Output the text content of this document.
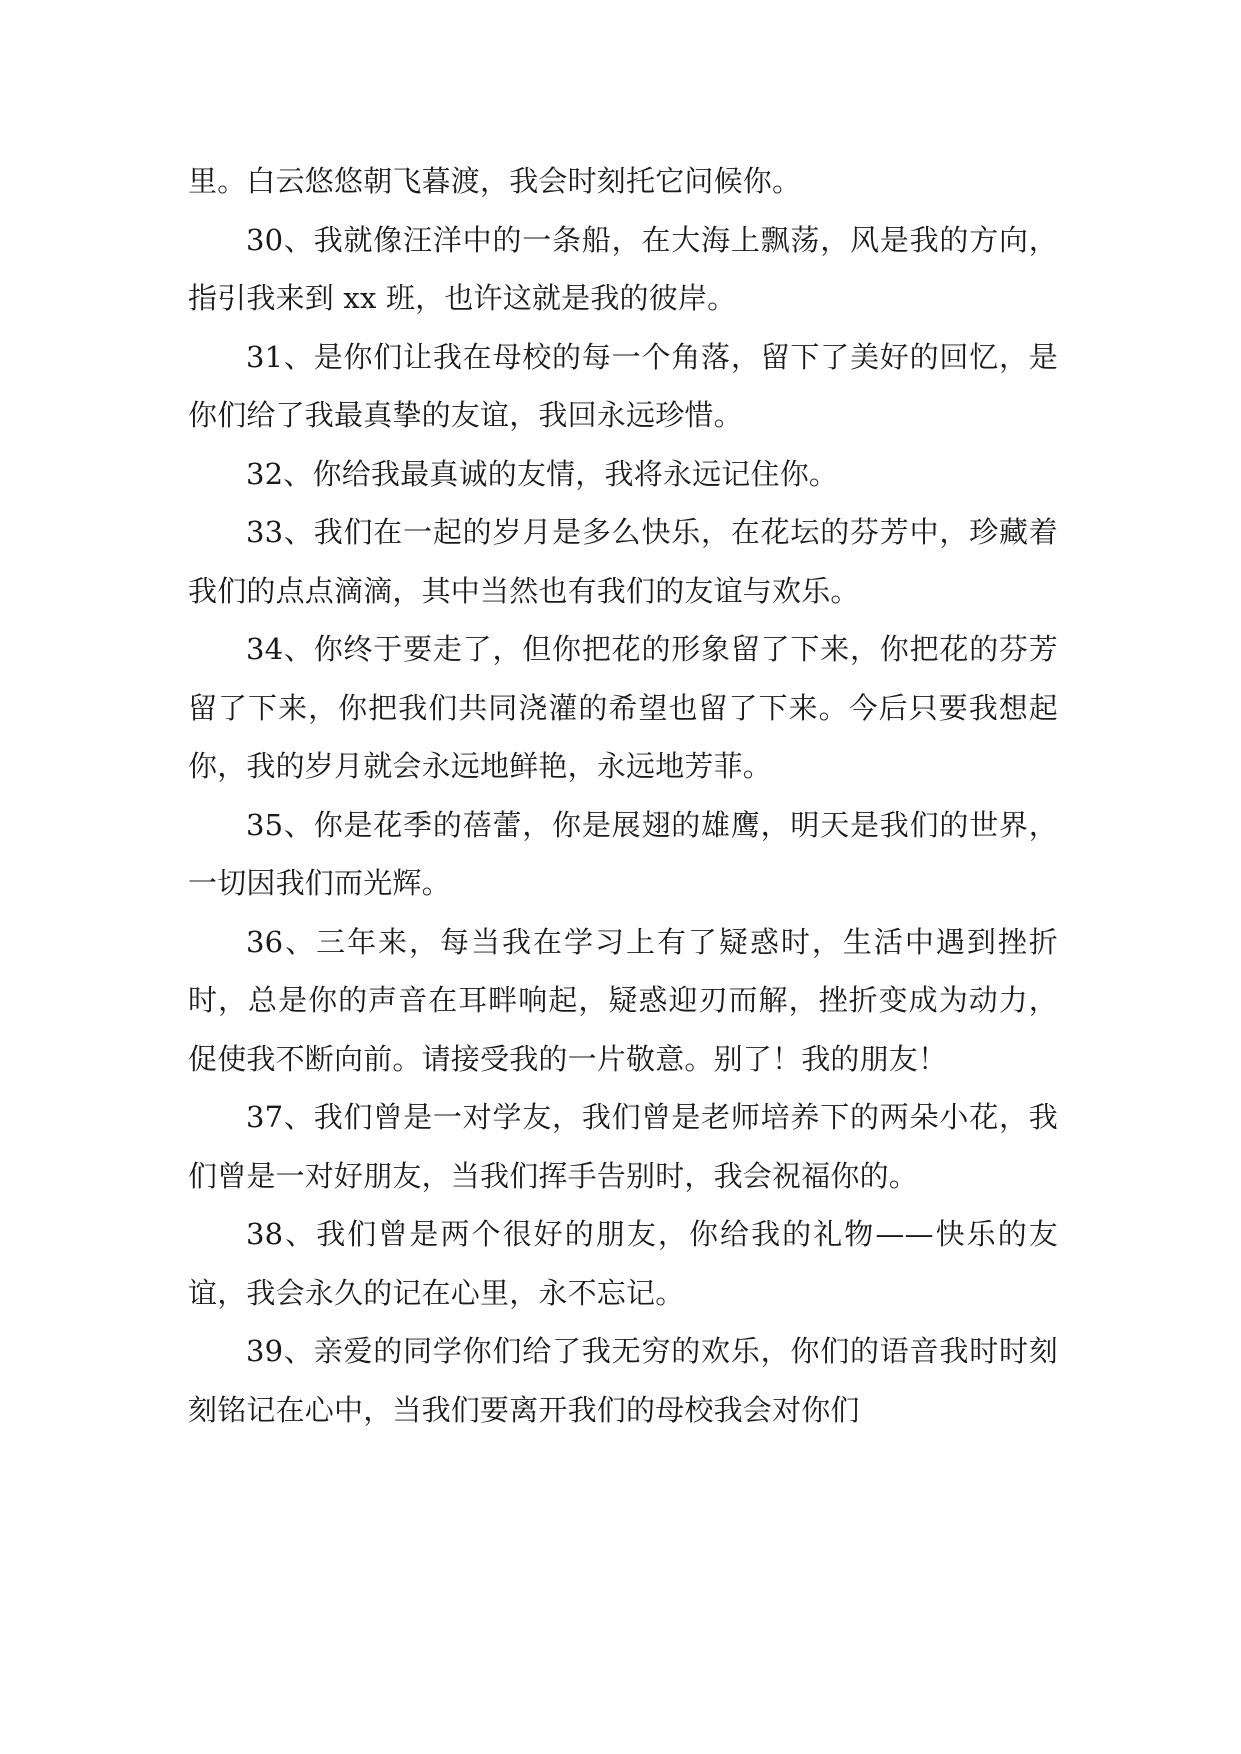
里。白云悠悠朝飞暮渡，我会时刻托它问候你。

30、我就像汪洋中的一条船，在大海上飘荡，风是我的方向，指引我来到 xx 班，也许这就是我的彼岸。

31、是你们让我在母校的每一个角落，留下了美好的回忆，是你们给了我最真挚的友谊，我回永远珍惜。

32、你给我最真诚的友情，我将永远记住你。

33、我们在一起的岁月是多么快乐，在花坛的芬芳中，珍藏着我们的点点滴滴，其中当然也有我们的友谊与欢乐。

34、你终于要走了，但你把花的形象留了下来，你把花的芬芳留了下来，你把我们共同浇灌的希望也留了下来。今后只要我想起你，我的岁月就会永远地鲜艳，永远地芳菲。

35、你是花季的蓓蕾，你是展翅的雄鹰，明天是我们的世界，一切因我们而光辉。

36、三年来，每当我在学习上有了疑惑时，生活中遇到挫折时，总是你的声音在耳畔响起，疑惑迎刃而解，挫折变成为动力，促使我不断向前。请接受我的一片敬意。别了！我的朋友！

37、我们曾是一对学友，我们曾是老师培养下的两朵小花，我们曾是一对好朋友，当我们挥手告别时，我会祝福你的。

38、我们曾是两个很好的朋友，你给我的礼物——快乐的友谊，我会永久的记在心里，永不忘记。

39、亲爱的同学你们给了我无穷的欢乐，你们的语音我时时刻刻铭记在心中，当我们要离开我们的母校我会对你们
